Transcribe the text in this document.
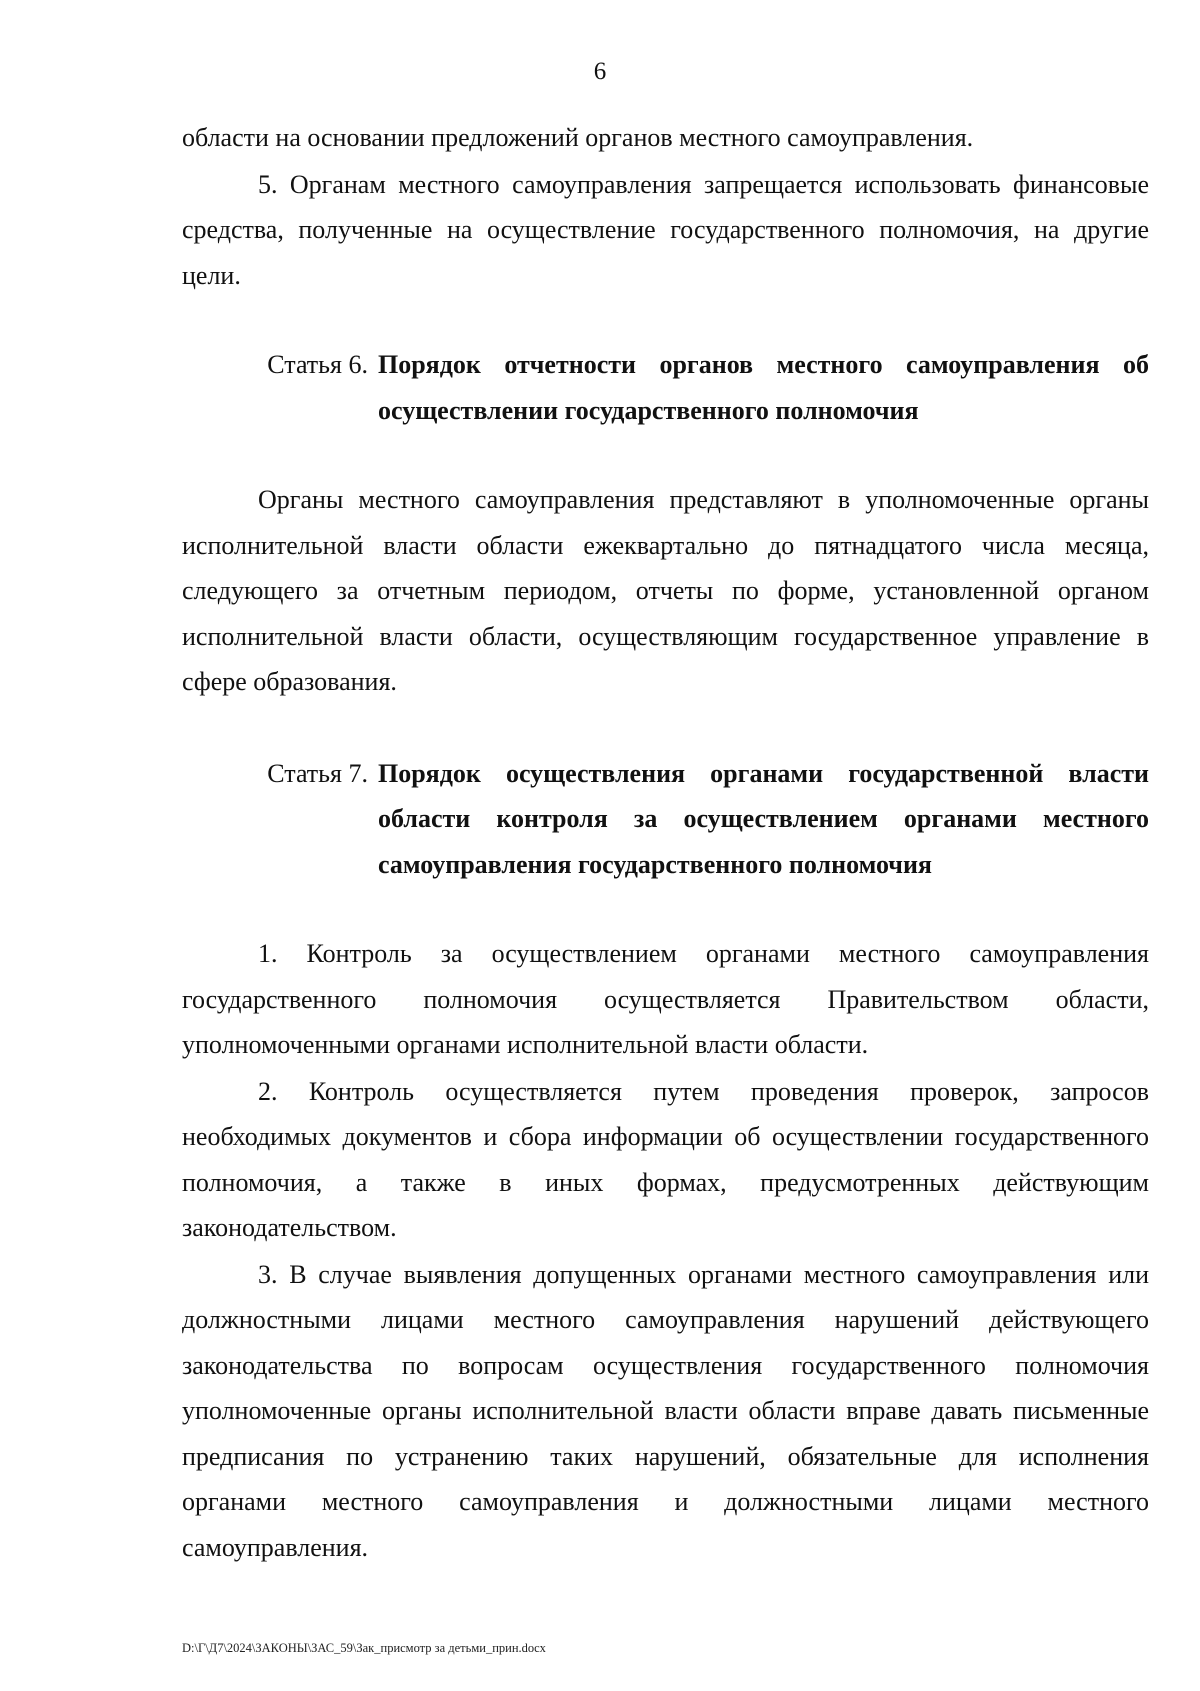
6

области на основании предложений органов местного самоуправления.

5. Органам местного самоуправления запрещается использовать финансовые средства, полученные на осуществление государственного полномочия, на другие цели.

Статья 6. Порядок отчетности органов местного самоуправления об осуществлении государственного полномочия

Органы местного самоуправления представляют в уполномоченные органы исполнительной власти области ежеквартально до пятнадцатого числа месяца, следующего за отчетным периодом, отчеты по форме, установленной органом исполнительной власти области, осуществляющим государственное управление в сфере образования.

Статья 7. Порядок осуществления органами государственной власти области контроля за осуществлением органами местного самоуправления государственного полномочия

1. Контроль за осуществлением органами местного самоуправления государственного полномочия осуществляется Правительством области, уполномоченными органами исполнительной власти области.

2. Контроль осуществляется путем проведения проверок, запросов необходимых документов и сбора информации об осуществлении государственного полномочия, а также в иных формах, предусмотренных действующим законодательством.

3. В случае выявления допущенных органами местного самоуправления или должностными лицами местного самоуправления нарушений действующего законодательства по вопросам осуществления государственного полномочия уполномоченные органы исполнительной власти области вправе давать письменные предписания по устранению таких нарушений, обязательные для исполнения органами местного самоуправления и должностными лицами местного самоуправления.

D:\Г\Д7\2024\ЗАКОНЫ\ЗАС_59\Зак_присмотр за детьми_прин.docx
